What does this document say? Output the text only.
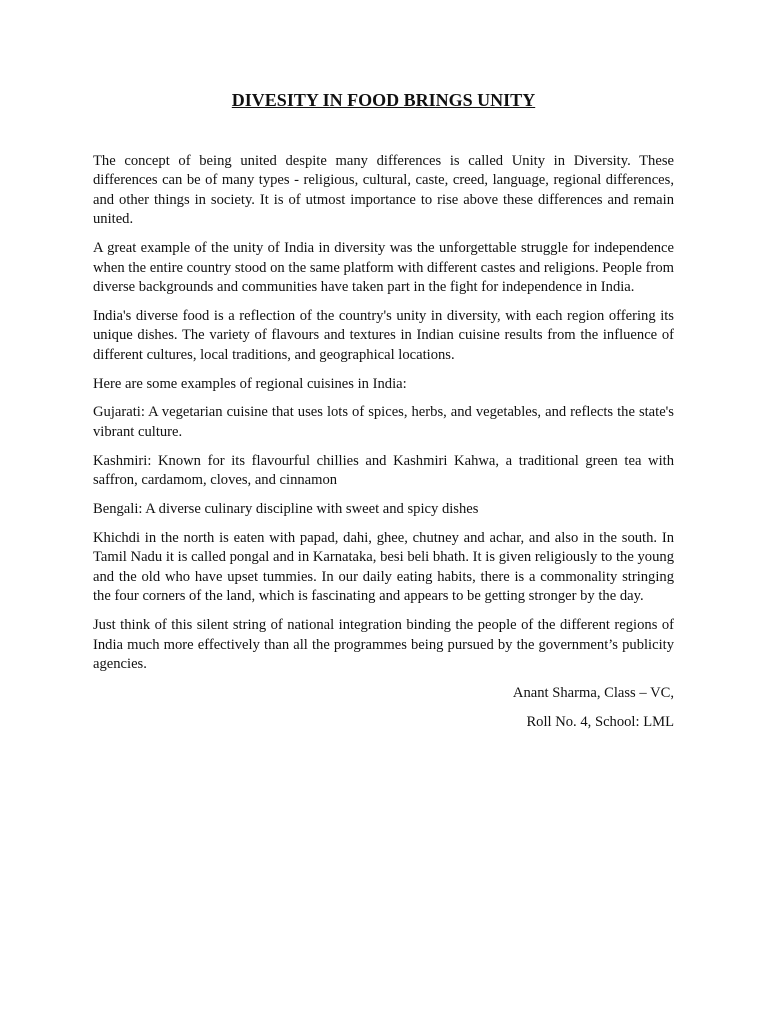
DIVESITY IN FOOD BRINGS UNITY

The concept of being united despite many differences is called Unity in Diversity. These differences can be of many types - religious, cultural, caste, creed, language, regional differences, and other things in society. It is of utmost importance to rise above these differences and remain united.

A great example of the unity of India in diversity was the unforgettable struggle for independence when the entire country stood on the same platform with different castes and religions. People from diverse backgrounds and communities have taken part in the fight for independence in India.

India's diverse food is a reflection of the country's unity in diversity, with each region offering its unique dishes. The variety of flavours and textures in Indian cuisine results from the influence of different cultures, local traditions, and geographical locations.

Here are some examples of regional cuisines in India:

Gujarati: A vegetarian cuisine that uses lots of spices, herbs, and vegetables, and reflects the state's vibrant culture.

Kashmiri: Known for its flavourful chillies and Kashmiri Kahwa, a traditional green tea with saffron, cardamom, cloves, and cinnamon

Bengali: A diverse culinary discipline with sweet and spicy dishes

Khichdi in the north is eaten with papad, dahi, ghee, chutney and achar, and also in the south. In Tamil Nadu it is called pongal and in Karnataka, besi beli bhath. It is given religiously to the young and the old who have upset tummies. In our daily eating habits, there is a commonality stringing the four corners of the land, which is fascinating and appears to be getting stronger by the day.

Just think of this silent string of national integration binding the people of the different regions of India much more effectively than all the programmes being pursued by the government’s publicity agencies.

Anant Sharma, Class – VC,

Roll No. 4, School: LML
